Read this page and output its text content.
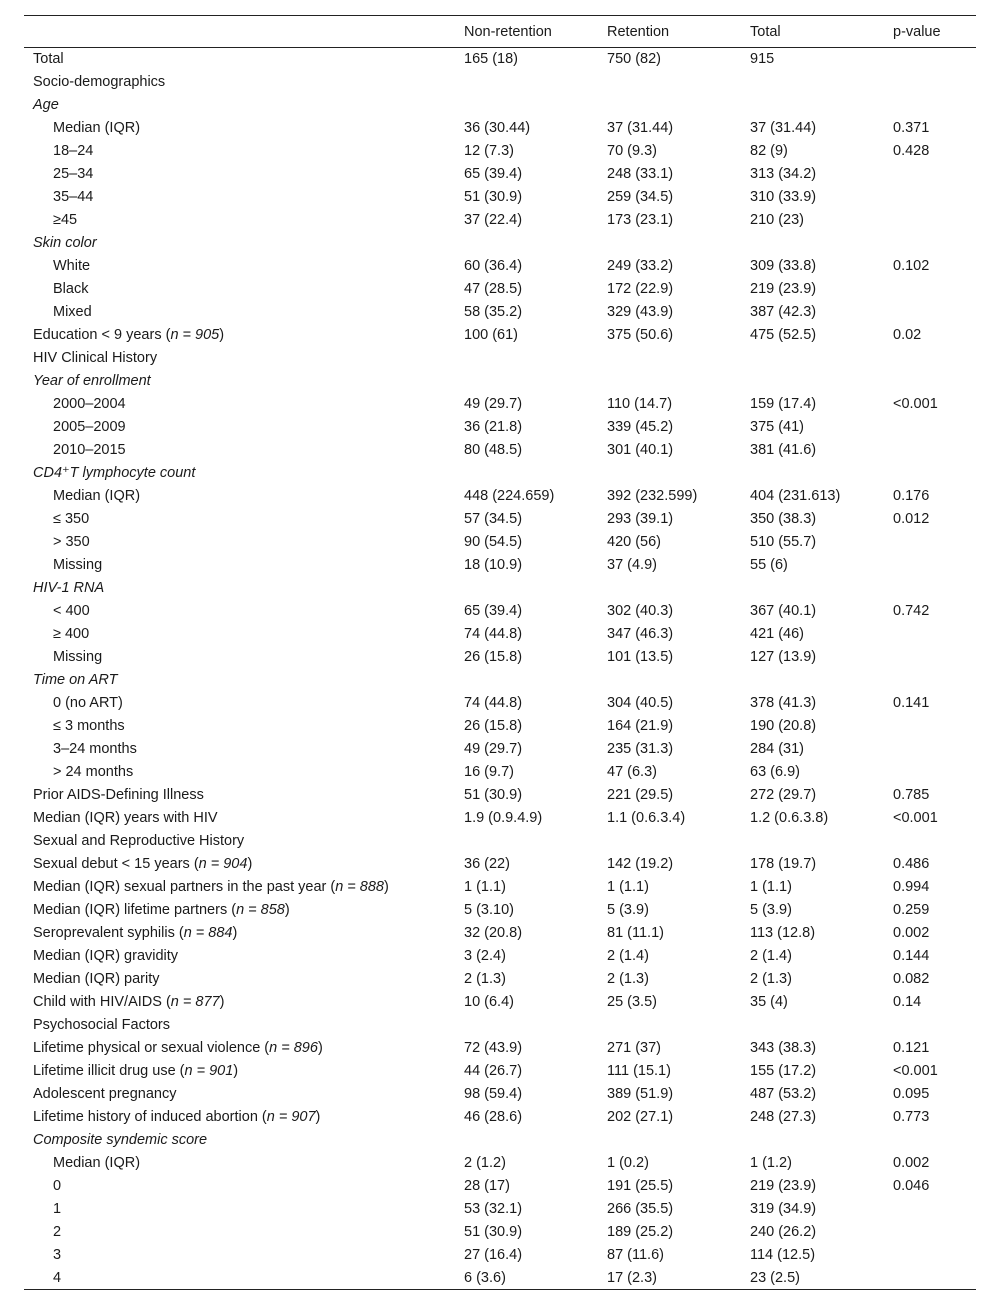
	Non-retention	Retention	Total	p-value
Total	165 (18)	750 (82)	915	
Socio-demographics				
Age				
Median (IQR)	36 (30.44)	37 (31.44)	37 (31.44)	0.371
18–24	12 (7.3)	70 (9.3)	82 (9)	0.428
25–34	65 (39.4)	248 (33.1)	313 (34.2)	
35–44	51 (30.9)	259 (34.5)	310 (33.9)	
≥45	37 (22.4)	173 (23.1)	210 (23)	
Skin color				
White	60 (36.4)	249 (33.2)	309 (33.8)	0.102
Black	47 (28.5)	172 (22.9)	219 (23.9)	
Mixed	58 (35.2)	329 (43.9)	387 (42.3)	
Education < 9 years (n = 905)	100 (61)	375 (50.6)	475 (52.5)	0.02
HIV Clinical History				
Year of enrollment				
2000–2004	49 (29.7)	110 (14.7)	159 (17.4)	<0.001
2005–2009	36 (21.8)	339 (45.2)	375 (41)	
2010–2015	80 (48.5)	301 (40.1)	381 (41.6)	
CD4⁺T lymphocyte count				
Median (IQR)	448 (224.659)	392 (232.599)	404 (231.613)	0.176
≤ 350	57 (34.5)	293 (39.1)	350 (38.3)	0.012
> 350	90 (54.5)	420 (56)	510 (55.7)	
Missing	18 (10.9)	37 (4.9)	55 (6)	
HIV-1 RNA				
< 400	65 (39.4)	302 (40.3)	367 (40.1)	0.742
≥ 400	74 (44.8)	347 (46.3)	421 (46)	
Missing	26 (15.8)	101 (13.5)	127 (13.9)	
Time on ART				
0 (no ART)	74 (44.8)	304 (40.5)	378 (41.3)	0.141
≤ 3 months	26 (15.8)	164 (21.9)	190 (20.8)	
3–24 months	49 (29.7)	235 (31.3)	284 (31)	
> 24 months	16 (9.7)	47 (6.3)	63 (6.9)	
Prior AIDS-Defining Illness	51 (30.9)	221 (29.5)	272 (29.7)	0.785
Median (IQR) years with HIV	1.9 (0.9.4.9)	1.1 (0.6.3.4)	1.2 (0.6.3.8)	<0.001
Sexual and Reproductive History				
Sexual debut < 15 years (n = 904)	36 (22)	142 (19.2)	178 (19.7)	0.486
Median (IQR) sexual partners in the past year (n = 888)	1 (1.1)	1 (1.1)	1 (1.1)	0.994
Median (IQR) lifetime partners (n = 858)	5 (3.10)	5 (3.9)	5 (3.9)	0.259
Seroprevalent syphilis (n = 884)	32 (20.8)	81 (11.1)	113 (12.8)	0.002
Median (IQR) gravidity	3 (2.4)	2 (1.4)	2 (1.4)	0.144
Median (IQR) parity	2 (1.3)	2 (1.3)	2 (1.3)	0.082
Child with HIV/AIDS (n = 877)	10 (6.4)	25 (3.5)	35 (4)	0.14
Psychosocial Factors				
Lifetime physical or sexual violence (n = 896)	72 (43.9)	271 (37)	343 (38.3)	0.121
Lifetime illicit drug use (n = 901)	44 (26.7)	111 (15.1)	155 (17.2)	<0.001
Adolescent pregnancy	98 (59.4)	389 (51.9)	487 (53.2)	0.095
Lifetime history of induced abortion (n = 907)	46 (28.6)	202 (27.1)	248 (27.3)	0.773
Composite syndemic score				
Median (IQR)	2 (1.2)	1 (0.2)	1 (1.2)	0.002
0	28 (17)	191 (25.5)	219 (23.9)	0.046
1	53 (32.1)	266 (35.5)	319 (34.9)	
2	51 (30.9)	189 (25.2)	240 (26.2)	
3	27 (16.4)	87 (11.6)	114 (12.5)	
4	6 (3.6)	17 (2.3)	23 (2.5)	
